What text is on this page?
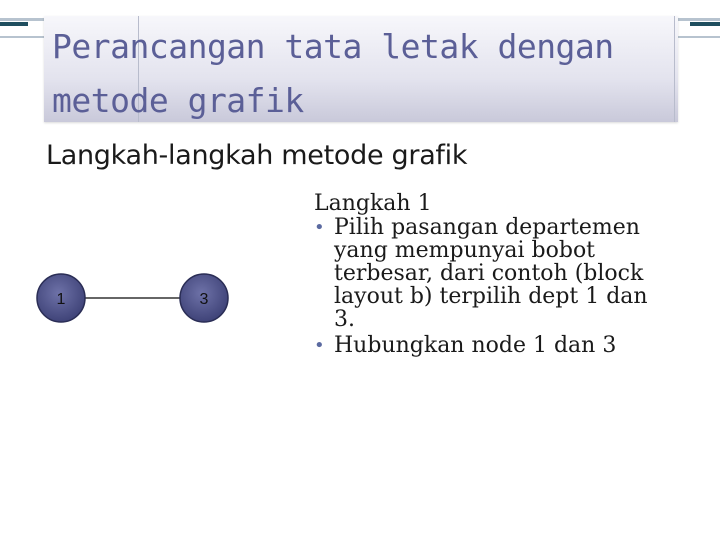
Perancangan tata letak dengan
metode grafik
Langkah-langkah metode grafik
1	3
Langkah 1
• Pilih pasangan departemen yang mempunyai bobot terbesar, dari contoh (block layout b) terpilih dept 1 dan 3.
• Hubungkan node 1 dan 3
